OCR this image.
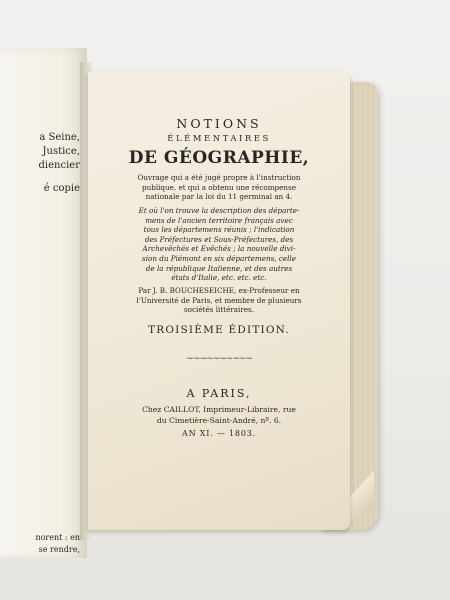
a Seine,
Justice,
diencier
é copie
norent : en
se rendre,
NOTIONS
ÉLÉMENTAIRES
DE GÉOGRAPHIE,
Ouvrage qui a été jugé propre à l'instruction
publique, et qui a obtenu une récompense
nationale par la loi du 11 germinal an 4.
Et où l'on trouve la description des départe-
mens de l'ancien territoire français avec
tous les départemens réunis ; l'indication
des Préfectures et Sous-Préfectures, des
Archevêchés et Evêchés ; la nouvelle divi-
sion du Piémont en six départemens, celle
de la république Italienne, et des autres
états d'Italie, etc. etc. etc.
Par J. B. BOUCHESEICHE, ex-Professeur en
l'Université de Paris, et membre de plusieurs
sociétés littéraires.
TROISIÈME ÉDITION.
∼∼∼∼∼∼∼∼∼∼
A PARIS,
Chez CAILLOT, Imprimeur-Libraire, rue
du Cimetière-Saint-André, nº. 6.
AN XI. — 1803.
